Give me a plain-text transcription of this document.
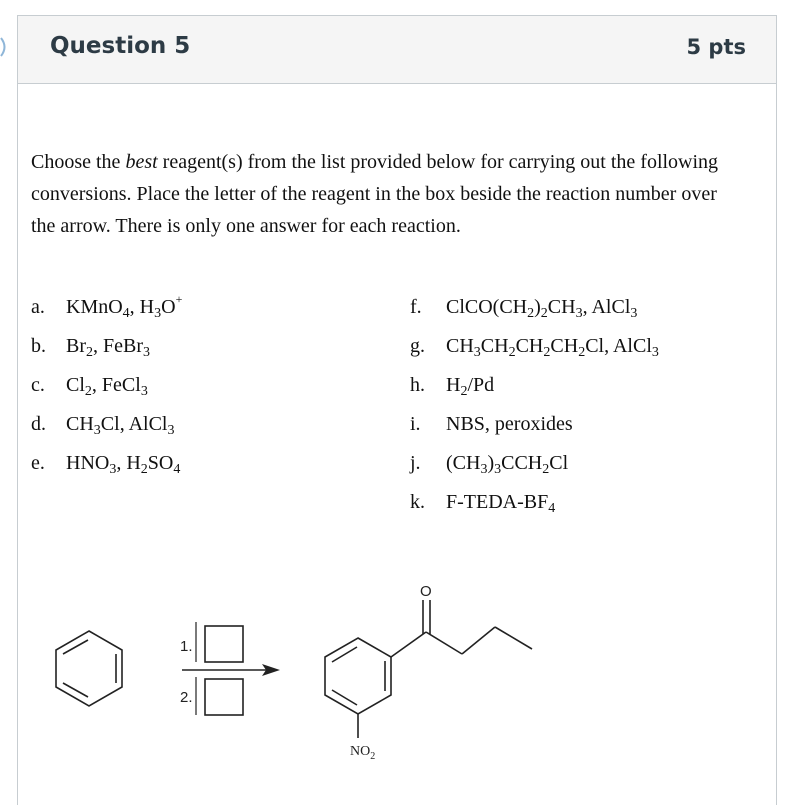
Question 5	5 pts
Choose the best reagent(s) from the list provided below for carrying out the following conversions. Place the letter of the reagent in the box beside the reaction number over the arrow. There is only one answer for each reaction.
a. KMnO$_4$, $H_3O^+$
b. $Br_2$, FeBr$_3$
c. $Cl_2$, FeCl$_3$
d. $CH_3Cl$, AlCl$_3$
e. $HNO_3$, $H_2SO_4$
f. $ClCO(CH_2)_2CH_3$, AlCl$_3$
g. $CH_3CH_2CH_2CH_2Cl$, AlCl$_3$
h. $H_2/Pd$
i. NBS, peroxides
j. $(CH_3)_3CCH_2Cl$
k. $F-TEDA-BF_4$
1.
2.
O
$NO_2$
